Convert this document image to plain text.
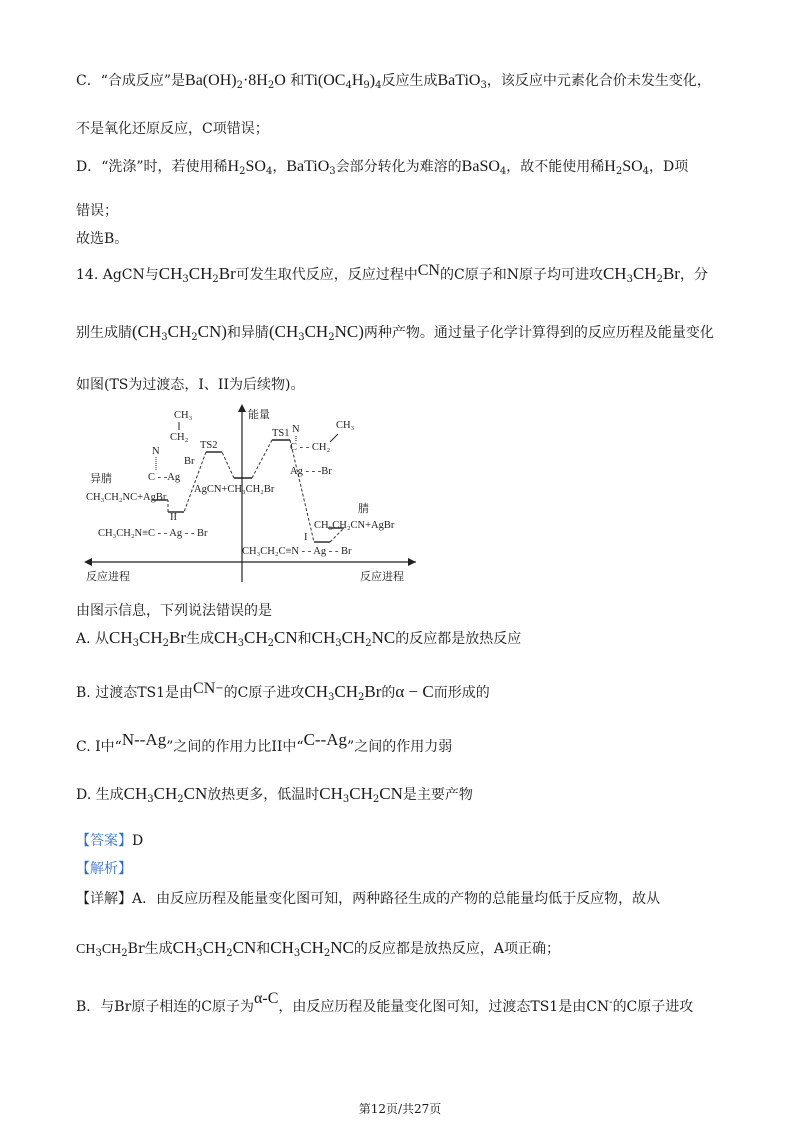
C．“合成反应”是$Ba(OH)_2\cdot 8H_2O$ 和$Ti(OC_4H_9)_4$反应生成BaTiO$_3$，该反应中元素化合价未发生变化，
不是氧化还原反应，C项错误；
D．“洗涤”时，若使用稀$H_2SO_4$，BaTiO$_3$会部分转化为难溶的BaSO$_4$，故不能使用稀$H_2SO_4$，D项
错误；
故选B。
14. AgCN与$CH_3CH_2Br$可发生取代反应，反应过程中CN的C原子和N原子均可进攻$CH_3CH_2Br$，分
别生成腈$(CH_3CH_2CN)$和异腈$(CH_3CH_2NC)$两种产物。通过量子化学计算得到的反应历程及能量变化
如图(TS为过渡态，I、II为后续物)。
能量
反应进程	反应进程
TS2
TS1
AgCN+CH₃CH₂Br
异腈
CH₃CH₂NC+AgBr
II
CH₃CH₂N≡C - - Ag - - Br
腈
CH₃CH₂CN+AgBr
I
CH₃CH₂C≡N - - Ag - - Br
CH₃
CH₂
N
C - -Ag
Br
N
C - - CH₂
CH₃
Ag - - -Br
由图示信息，下列说法错误的是
A. 从$CH_3CH_2Br$生成$CH_3CH_2CN$和$CH_3CH_2NC$的反应都是放热反应
B. 过渡态TS1是由CN−的C原子进攻$CH_3CH_2Br$的α − C而形成的
C. I中“N--Ag”之间的作用力比II中“C--Ag”之间的作用力弱
D. 生成$CH_3CH_2CN$放热更多，低温时$CH_3CH_2CN$是主要产物
【答案】D
【解析】
【详解】A．由反应历程及能量变化图可知，两种路径生成的产物的总能量均低于反应物，故从
$CH_3CH_2Br$生成$CH_3CH_2CN$和$CH_3CH_2NC$的反应都是放热反应，A项正确；
B．与Br原子相连的C原子为α-C，由反应历程及能量变化图可知，过渡态TS1是由CN-的C原子进攻
第12页/共27页
